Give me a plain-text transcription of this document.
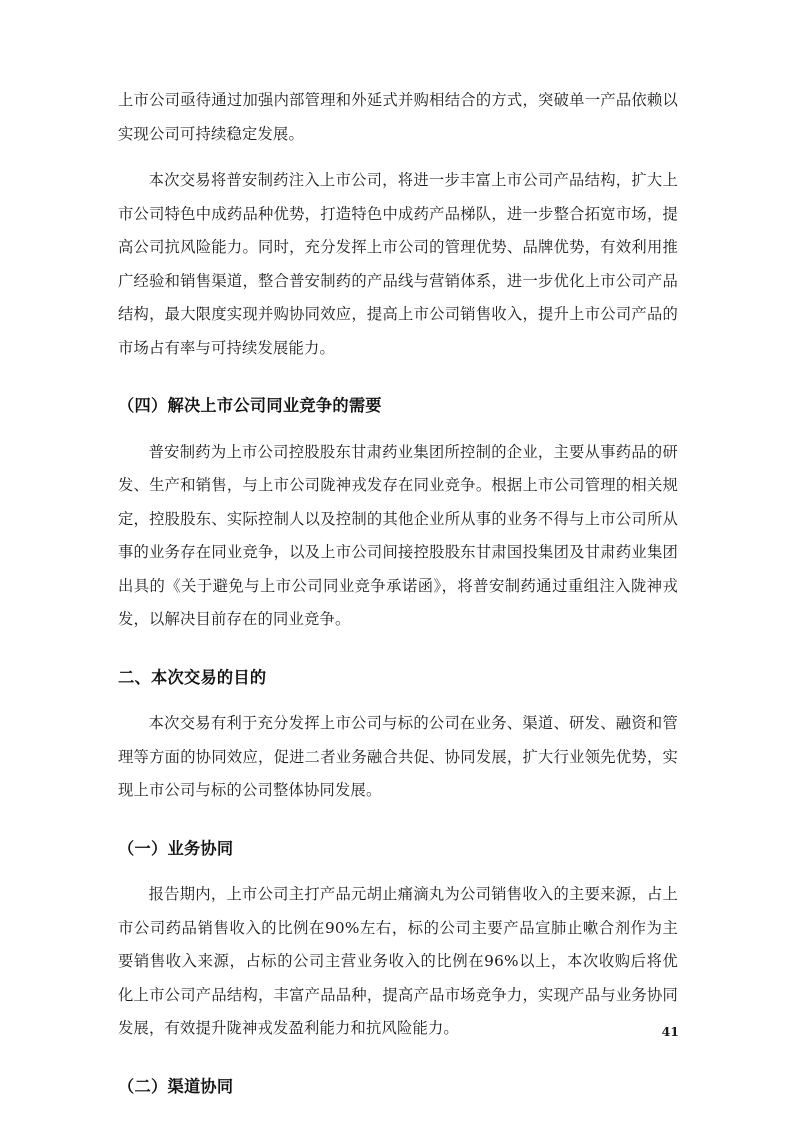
上市公司亟待通过加强内部管理和外延式并购相结合的方式，突破单一产品依赖以实现公司可持续稳定发展。

本次交易将普安制药注入上市公司，将进一步丰富上市公司产品结构，扩大上市公司特色中成药品种优势，打造特色中成药产品梯队，进一步整合拓宽市场，提高公司抗风险能力。同时，充分发挥上市公司的管理优势、品牌优势，有效利用推广经验和销售渠道，整合普安制药的产品线与营销体系，进一步优化上市公司产品结构，最大限度实现并购协同效应，提高上市公司销售收入，提升上市公司产品的市场占有率与可持续发展能力。

（四）解决上市公司同业竞争的需要

普安制药为上市公司控股股东甘肃药业集团所控制的企业，主要从事药品的研发、生产和销售，与上市公司陇神戎发存在同业竞争。根据上市公司管理的相关规定，控股股东、实际控制人以及控制的其他企业所从事的业务不得与上市公司所从事的业务存在同业竞争，以及上市公司间接控股股东甘肃国投集团及甘肃药业集团出具的《关于避免与上市公司同业竞争承诺函》，将普安制药通过重组注入陇神戎发，以解决目前存在的同业竞争。

二、本次交易的目的

本次交易有利于充分发挥上市公司与标的公司在业务、渠道、研发、融资和管理等方面的协同效应，促进二者业务融合共促、协同发展，扩大行业领先优势，实现上市公司与标的公司整体协同发展。

（一）业务协同

报告期内，上市公司主打产品元胡止痛滴丸为公司销售收入的主要来源，占上市公司药品销售收入的比例在90%左右，标的公司主要产品宣肺止嗽合剂作为主要销售收入来源，占标的公司主营业务收入的比例在96%以上，本次收购后将优化上市公司产品结构，丰富产品品种，提高产品市场竞争力，实现产品与业务协同发展，有效提升陇神戎发盈利能力和抗风险能力。

（二）渠道协同
41
